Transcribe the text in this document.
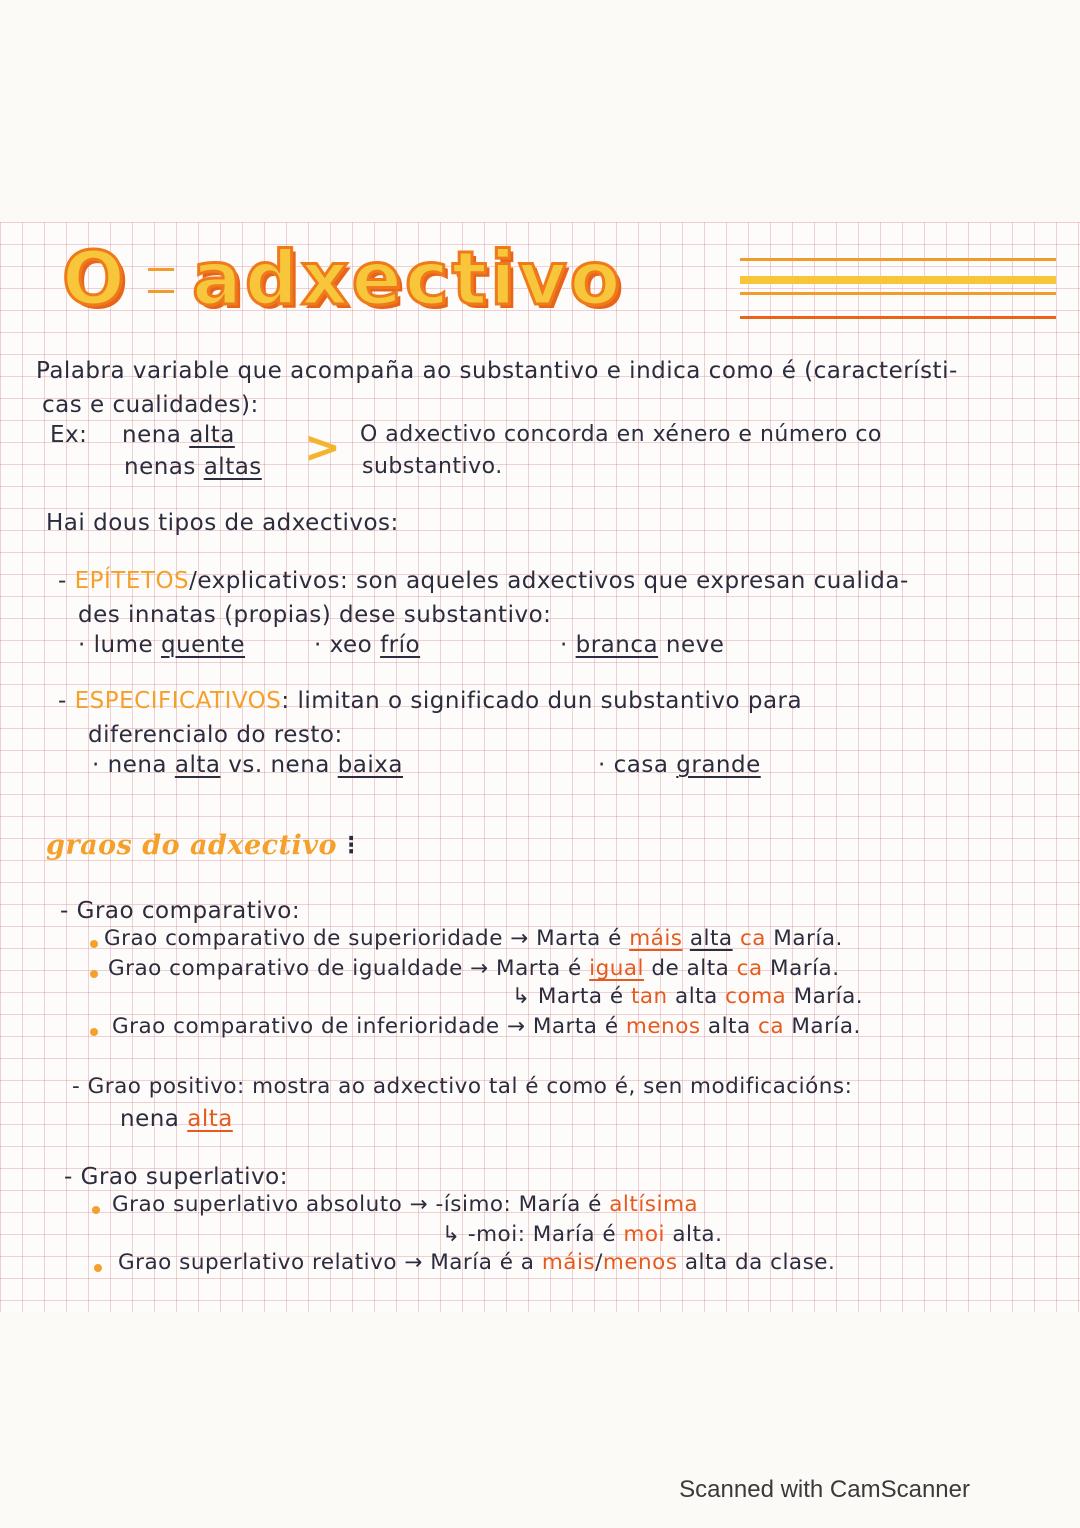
O adxectivo
Palabra variable que acompaña ao substantivo e indica como é (característi-
cas e cualidades):
Ex: nena alta
nenas altas > O adxectivo concorda en xénero e número co
substantivo.
Hai dous tipos de adxectivos:
- EPÍTETOS/explicativos: son aqueles adxectivos que expresan cualida-
des innatas (propias) dese substantivo:
· lume quente	· xeo frío	· branca neve
- ESPECIFICATIVOS: limitan o significado dun substantivo para
diferencialo do resto:
· nena alta vs. nena baixa	· casa grande
graos do adxectivo ⁝
- Grao comparativo:
Grao comparativo de superioridade → Marta é máis alta ca María.
Grao comparativo de igualdade → Marta é igual de alta ca María.
↳ Marta é tan alta coma María.
Grao comparativo de inferioridade → Marta é menos alta ca María.
- Grao positivo: mostra ao adxectivo tal é como é, sen modificacións:
nena alta
- Grao superlativo:
Grao superlativo absoluto → -ísimo: María é altísima
↳ -moi: María é moi alta.
Grao superlativo relativo → María é a máis/menos alta da clase.
Scanned with CamScanner
